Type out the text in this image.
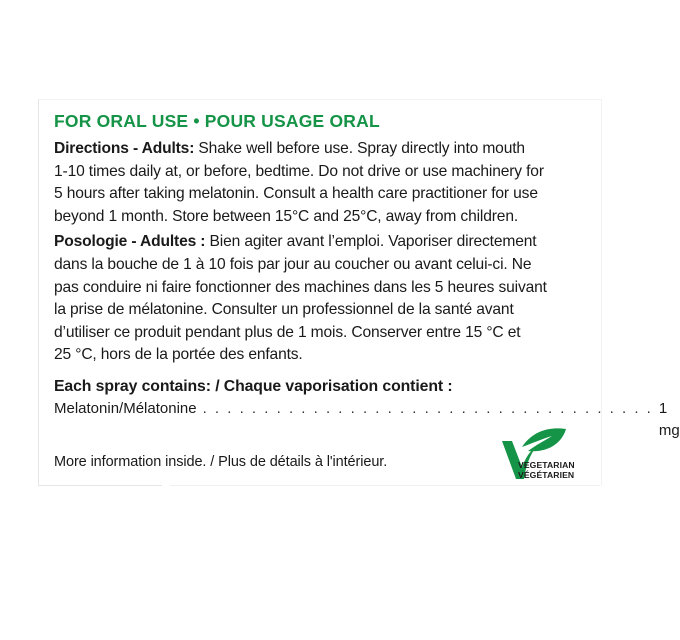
FOR ORAL USE • POUR USAGE ORAL
Directions - Adults: Shake well before use. Spray directly into mouth
1-10 times daily at, or before, bedtime. Do not drive or use machinery for
5 hours after taking melatonin. Consult a health care practitioner for use
beyond 1 month. Store between 15°C and 25°C, away from children.
Posologie - Adultes : Bien agiter avant l’emploi. Vaporiser directement
dans la bouche de 1 à 10 fois par jour au coucher ou avant celui-ci. Ne
pas conduire ni faire fonctionner des machines dans les 5 heures suivant
la prise de mélatonine. Consulter un professionnel de la santé avant
d’utiliser ce produit pendant plus de 1 mois. Conserver entre 15 °C et
25 °C, hors de la portée des enfants.
Each spray contains: / Chaque vaporisation contient :
Melatonin/Mélatonine . . . . . . . . . . . . . . . . . . . . . . . . . . . . . . . . . . . . . 1 mg
More information inside. / Plus de détails à l'intérieur.	VEGETARIAN
VÉGÉTARIEN
